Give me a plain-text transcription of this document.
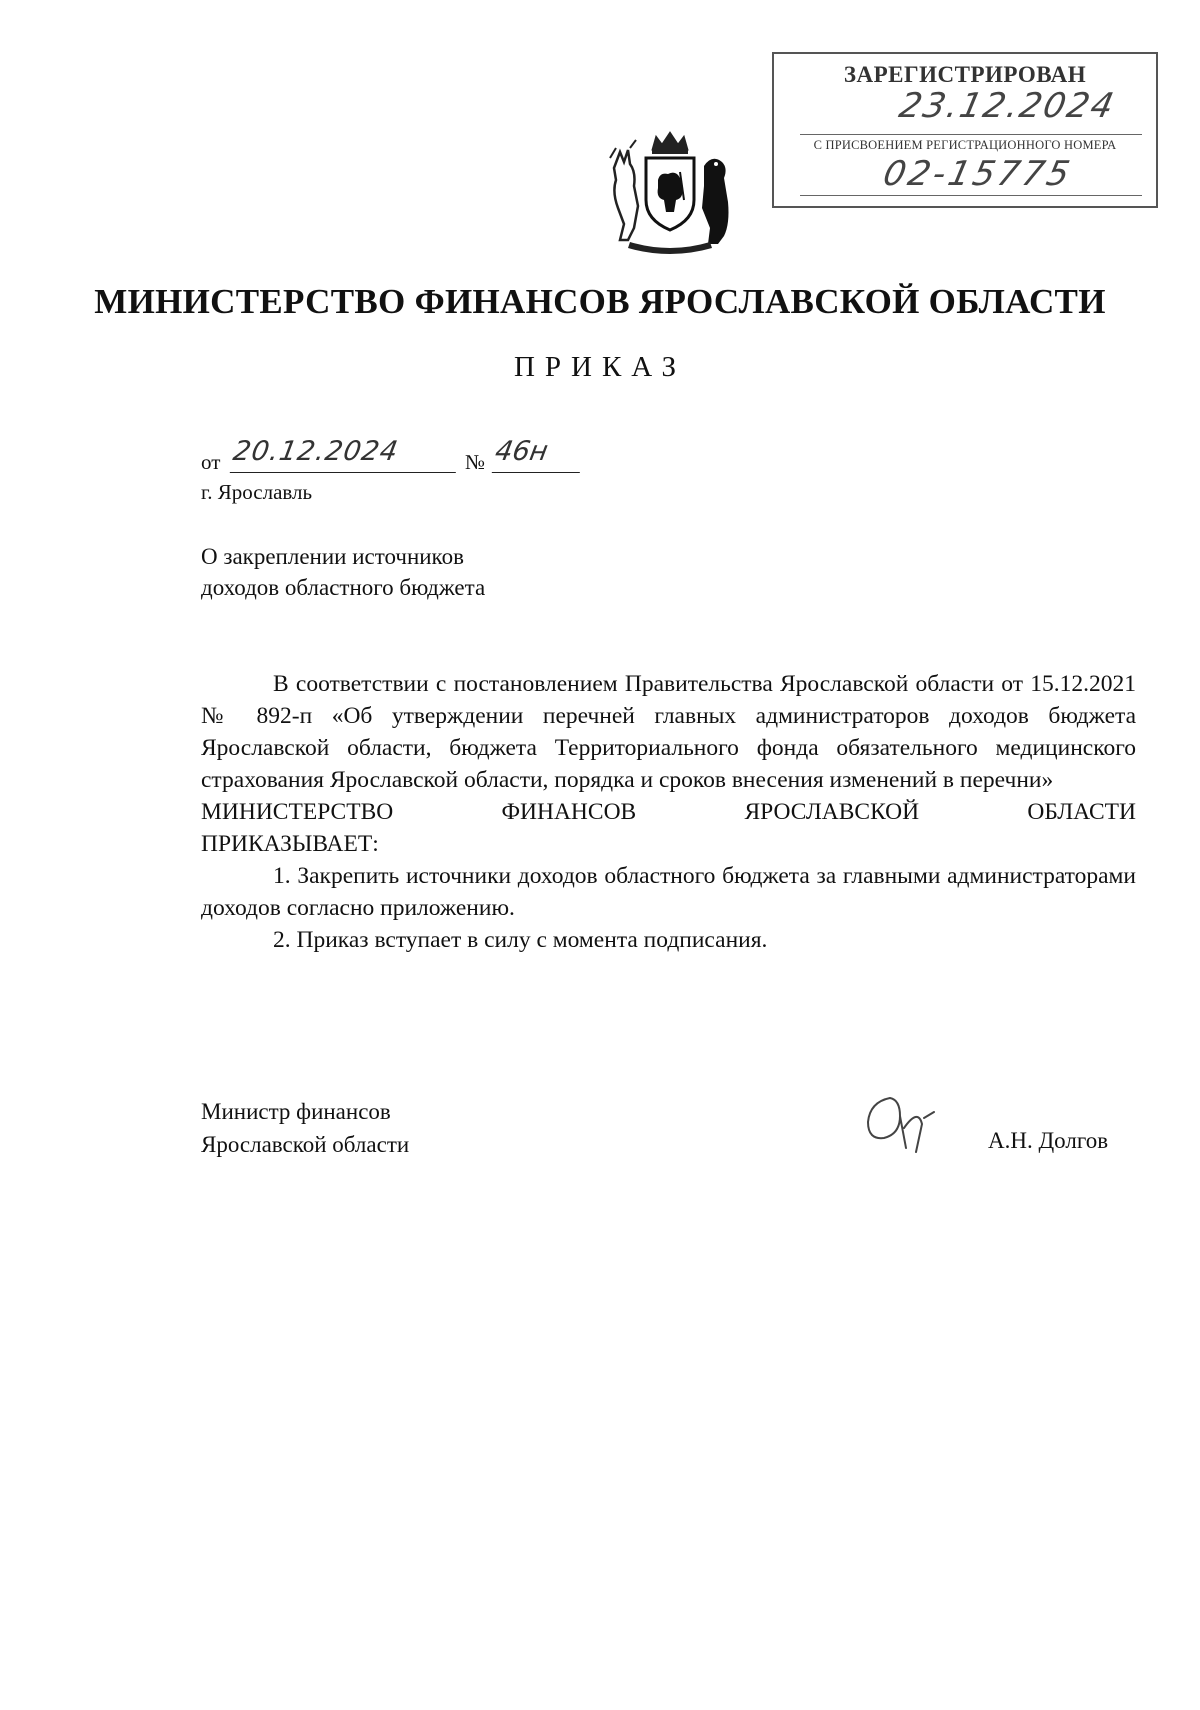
ЗАРЕГИСТРИРОВАН
23.12.2024
С ПРИСВОЕНИЕМ РЕГИСТРАЦИОННОГО НОМЕРА
02-15775
МИНИСТЕРСТВО ФИНАНСОВ ЯРОСЛАВСКОЙ ОБЛАСТИ
ПРИКАЗ
от 20.12.2024	№ 46н
г. Ярославль
О закреплении источников
доходов областного бюджета

В соответствии с постановлением Правительства Ярославской области от 15.12.2021 № 892-п «Об утверждении перечней главных администраторов доходов бюджета Ярославской области, бюджета Территориального фонда обязательного медицинского страхования Ярославской области, порядка и сроков внесения изменений в перечни»

МИНИСТЕРСТВО	ФИНАНСОВ	ЯРОСЛАВСКОЙ	ОБЛАСТИ

ПРИКАЗЫВАЕТ:

1. Закрепить источники доходов областного бюджета за главными администраторами доходов согласно приложению.

2. Приказ вступает в силу с момента подписания.

Министр финансов
Ярославской области	А.Н. Долгов
